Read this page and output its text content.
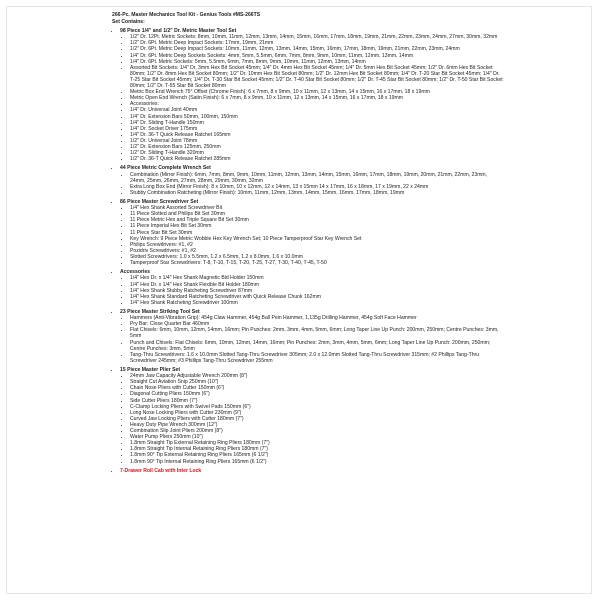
266-Pc. Master Mechanics Tool Kit - Genius Tools #MS-266TS
Set Contains:
• 98 Piece 1/4" and 1/2" Dr. Metric Master Tool Set
• 1/2" Dr. 12Pt. Metric Sockets: 8mm, 10mm, 11mm, 12mm, 13mm, 14mm, 15mm, 16mm, 17mm, 18mm, 19mm, 21mm, 22mm, 23mm, 24mm, 27mm, 30mm, 32mm
• 1/2" Dr. 6Pt. Metric Deep Impact Sockets: 17mm, 19mm, 21mm
• 1/2" Dr. 6Pt. Metric Deep Impact Sockets: 10mm, 11mm, 12mm, 13mm, 14mm, 15mm, 16mm, 17mm, 18mm, 19mm, 21mm, 22mm, 23mm, 24mm
• 1/4" Dr. 6Pt. Metric Deep Sockets Sockets: 4mm, 5mm, 5.5mm, 6mm, 7mm, 8mm, 9mm, 10mm, 11mm, 12mm, 13mm, 14mm
• 1/4" Dr. 6Pt. Metric Sockets: 5mm, 5.5mm, 6mm, 7mm, 8mm, 9mm, 10mm, 11mm, 12mm, 13mm, 14mm
• Assorted Bit Sockets: 1/4" Dr. 3mm Hex Bit Socket 45mm; 1/4" Dr. 4mm Hex Bit Socket 45mm; 1/4" Dr. 5mm Hex Bit Socket 45mm; 1/2" Dr. 6mm Hex Bit Socket 80mm; 1/2" Dr. 8mm Hex Bit Socket 80mm; 1/2" Dr. 10mm Hex Bit Socket 80mm; 1/2" Dr. 12mm Hex Bit Socket 80mm; 1/4" Dr. T-20 Star Bit Socket 45mm; 1/4" Dr. T-25 Star Bit Socket 45mm; 1/4" Dr. T-30 Star Bit Socket 45mm; 1/2" Dr. T-40 Star Bit Socket 80mm; 1/2" Dr. T-45 Star Bit Socket 80mm; 1/2" Dr. T-50 Star Bit Socket 80mm; 1/2" Dr. T-55 Star Bit Socket 80mm
• Metric Box End Wrench 75° Offset (Chrome Finish): 6 x 7mm, 8 x 9mm, 10 x 11mm, 12 x 13mm, 14 x 15mm, 16 x 17mm, 18 x 19mm
• Metric Open End Wrench (Satin Finish): 6 x 7mm, 8 x 9mm, 10 x 11mm, 12 x 13mm, 14 x 15mm, 16 x 17mm, 18 x 19mm
• Accessories:
• 1/4" Dr. Universal Joint 40mm
• 1/4" Dr. Extension Bars 50mm, 100mm, 150mm
• 1/4" Dr. Sliding T-Handle 150mm
• 1/4" Dr. Socket Driver 175mm
• 1/4" Dr. 36-T Quick Release Ratchet 165mm
• 1/2" Dr. Universal Joint 78mm
• 1/2" Dr. Extension Bars 125mm, 250mm
• 1/2" Dr. Sliding T-Handle 320mm
• 1/2" Dr. 36-T Quick Release Ratchet 285mm
• 44 Piece Metric Complete Wrench Set
• Combination (Mirror Finish): 6mm, 7mm, 8mm, 9mm, 10mm, 11mm, 12mm, 13mm, 14mm, 15mm, 16mm, 17mm, 18mm, 19mm, 20mm, 21mm, 22mm, 23mm, 24mm, 25mm, 26mm, 27mm, 28mm, 29mm, 30mm, 32mm
• Extra Long Box End (Mirror Finish): 8 x 10mm, 10 x 12mm, 12 x 14mm, 13 x 15mm 14 x 17mm, 16 x 18mm, 17 x 19mm, 22 x 24mm
• Stubby Combination Ratcheting (Mirror Finish): 10mm, 11mm, 12mm, 13mm, 14mm, 15mm, 16mm, 17mm, 18mm, 19mm
• 86 Piece Master Screwdriver Set
• 1/4" Hex Shank Assorted Screwdriver Bit
• 11 Piece Slotted and Philips Bit Set 30mm
• 11 Piece Metric Hex and Triple Square Bit Set 30mm
• 11 Piece Imperial Hex Bit Set 30mm
• 11 Piece Star Bit Set 30mm
• Key Wrench: 9 Piece Metric Wobble Hex Key Wrench Set; 10 Piece Tamperproof Star Key Wrench Set
• Philips Screwdrivers: #1, #2
• Pozidriv Screwdrivers: #1, #2
• Slotted Screwdrivers: 1.0 x 5.5mm, 1.2 x 6.5mm, 1.2 x 8.0mm, 1.6 x 10.0mm
• Tamperproof Star Screwdrivers: T-8, T-10, T-15, T-20, T-25, T-27, T-30, T-40, T-45, T-50
• Accessories
• 1/4" Hex Dr. x 1/4" Hex Shank Magnetic Bid Holder 150mm
• 1/4" Hex Dr. x 1/4" Hex Shank Flexible Bit Holder 180mm
• 1/4" Hex Shank Stubby Ratcheting Screwdriver 87mm
• 1/4" Hex Shank Standard Ratcheting Screwdriver with Quick Release Chunk 162mm
• 1/4" Hex Shank Ratcheting Screwdriver 100mm
• 23 Piece Master Striking Tool Set
• Hammers (Anti-Vibration Grip): 454g Claw Hammer, 454g Ball Pein Hammer, 1,135g Drilling Hammer, 454g Soft Face Hammer
• Pry Bar: Close Quarter Bar 460mm
• Flat Chisels: 6mm, 10mm, 12mm, 14mm, 16mm; Pin Punches: 2mm, 3mm, 4mm, 5mm, 6mm; Long Taper Line Up Punch: 200mm, 250mm; Centre Punches: 3mm, 5mm
• Punch and Chisels: Flat Chisels: 6mm, 10mm, 12mm, 14mm, 16mm; Pin Punches: 2mm, 3mm, 4mm, 5mm, 6mm; Long Taper Line Up Punch: 200mm, 250mm; Centre Punches: 3mm, 5mm
• Tang-Thru Screwdrivers: 1.6 x 10.0mm Slotted Tang-Thru Screwdriver 305mm; 2.0 x 12.0mm Slotted Tang-Thru Screwdriver 315mm; #2 Phillips Tang-Thru Screwdriver 245mm; #3 Phillips Tang-Thru Screwdriver 255mm
• 15 Piece Master Plier Set
• 24mm Jaw Capacity Adjustable Wrench 200mm (8")
• Straight Cut Aviation Snip 250mm (10")
• Chain Nose Pliers with Cutter 150mm (6")
• Diagonal Cutting Pliers 150mm (6")
• Side Cutter Pliers 180mm (7")
• C-Clamp Locking Pliers with Swivel Pads 150mm (6")
• Long Nose Locking Pliers with Cutter 230mm (9")
• Curved Jaw Locking Pliers with Cutter 180mm (7")
• Heavy Duty Pipe Wrench 300mm (12")
• Combination Slip Joint Pliers 200mm (8")
• Water Pump Pliers 250mm (10")
• 1.8mm Straight Tip External Retaining Ring Pliers 180mm (7")
• 1.8mm Straight Tip Internal Retaining Ring Pliers 180mm (7")
• 1.8mm 90° Tip External Retaining Ring Pliers 165mm (6 1/2")
• 1.8mm 90° Tip Internal Retaining Ring Pliers 165mm (6 1/2")
• 7-Drawer Roll Cab with Inter Lock
